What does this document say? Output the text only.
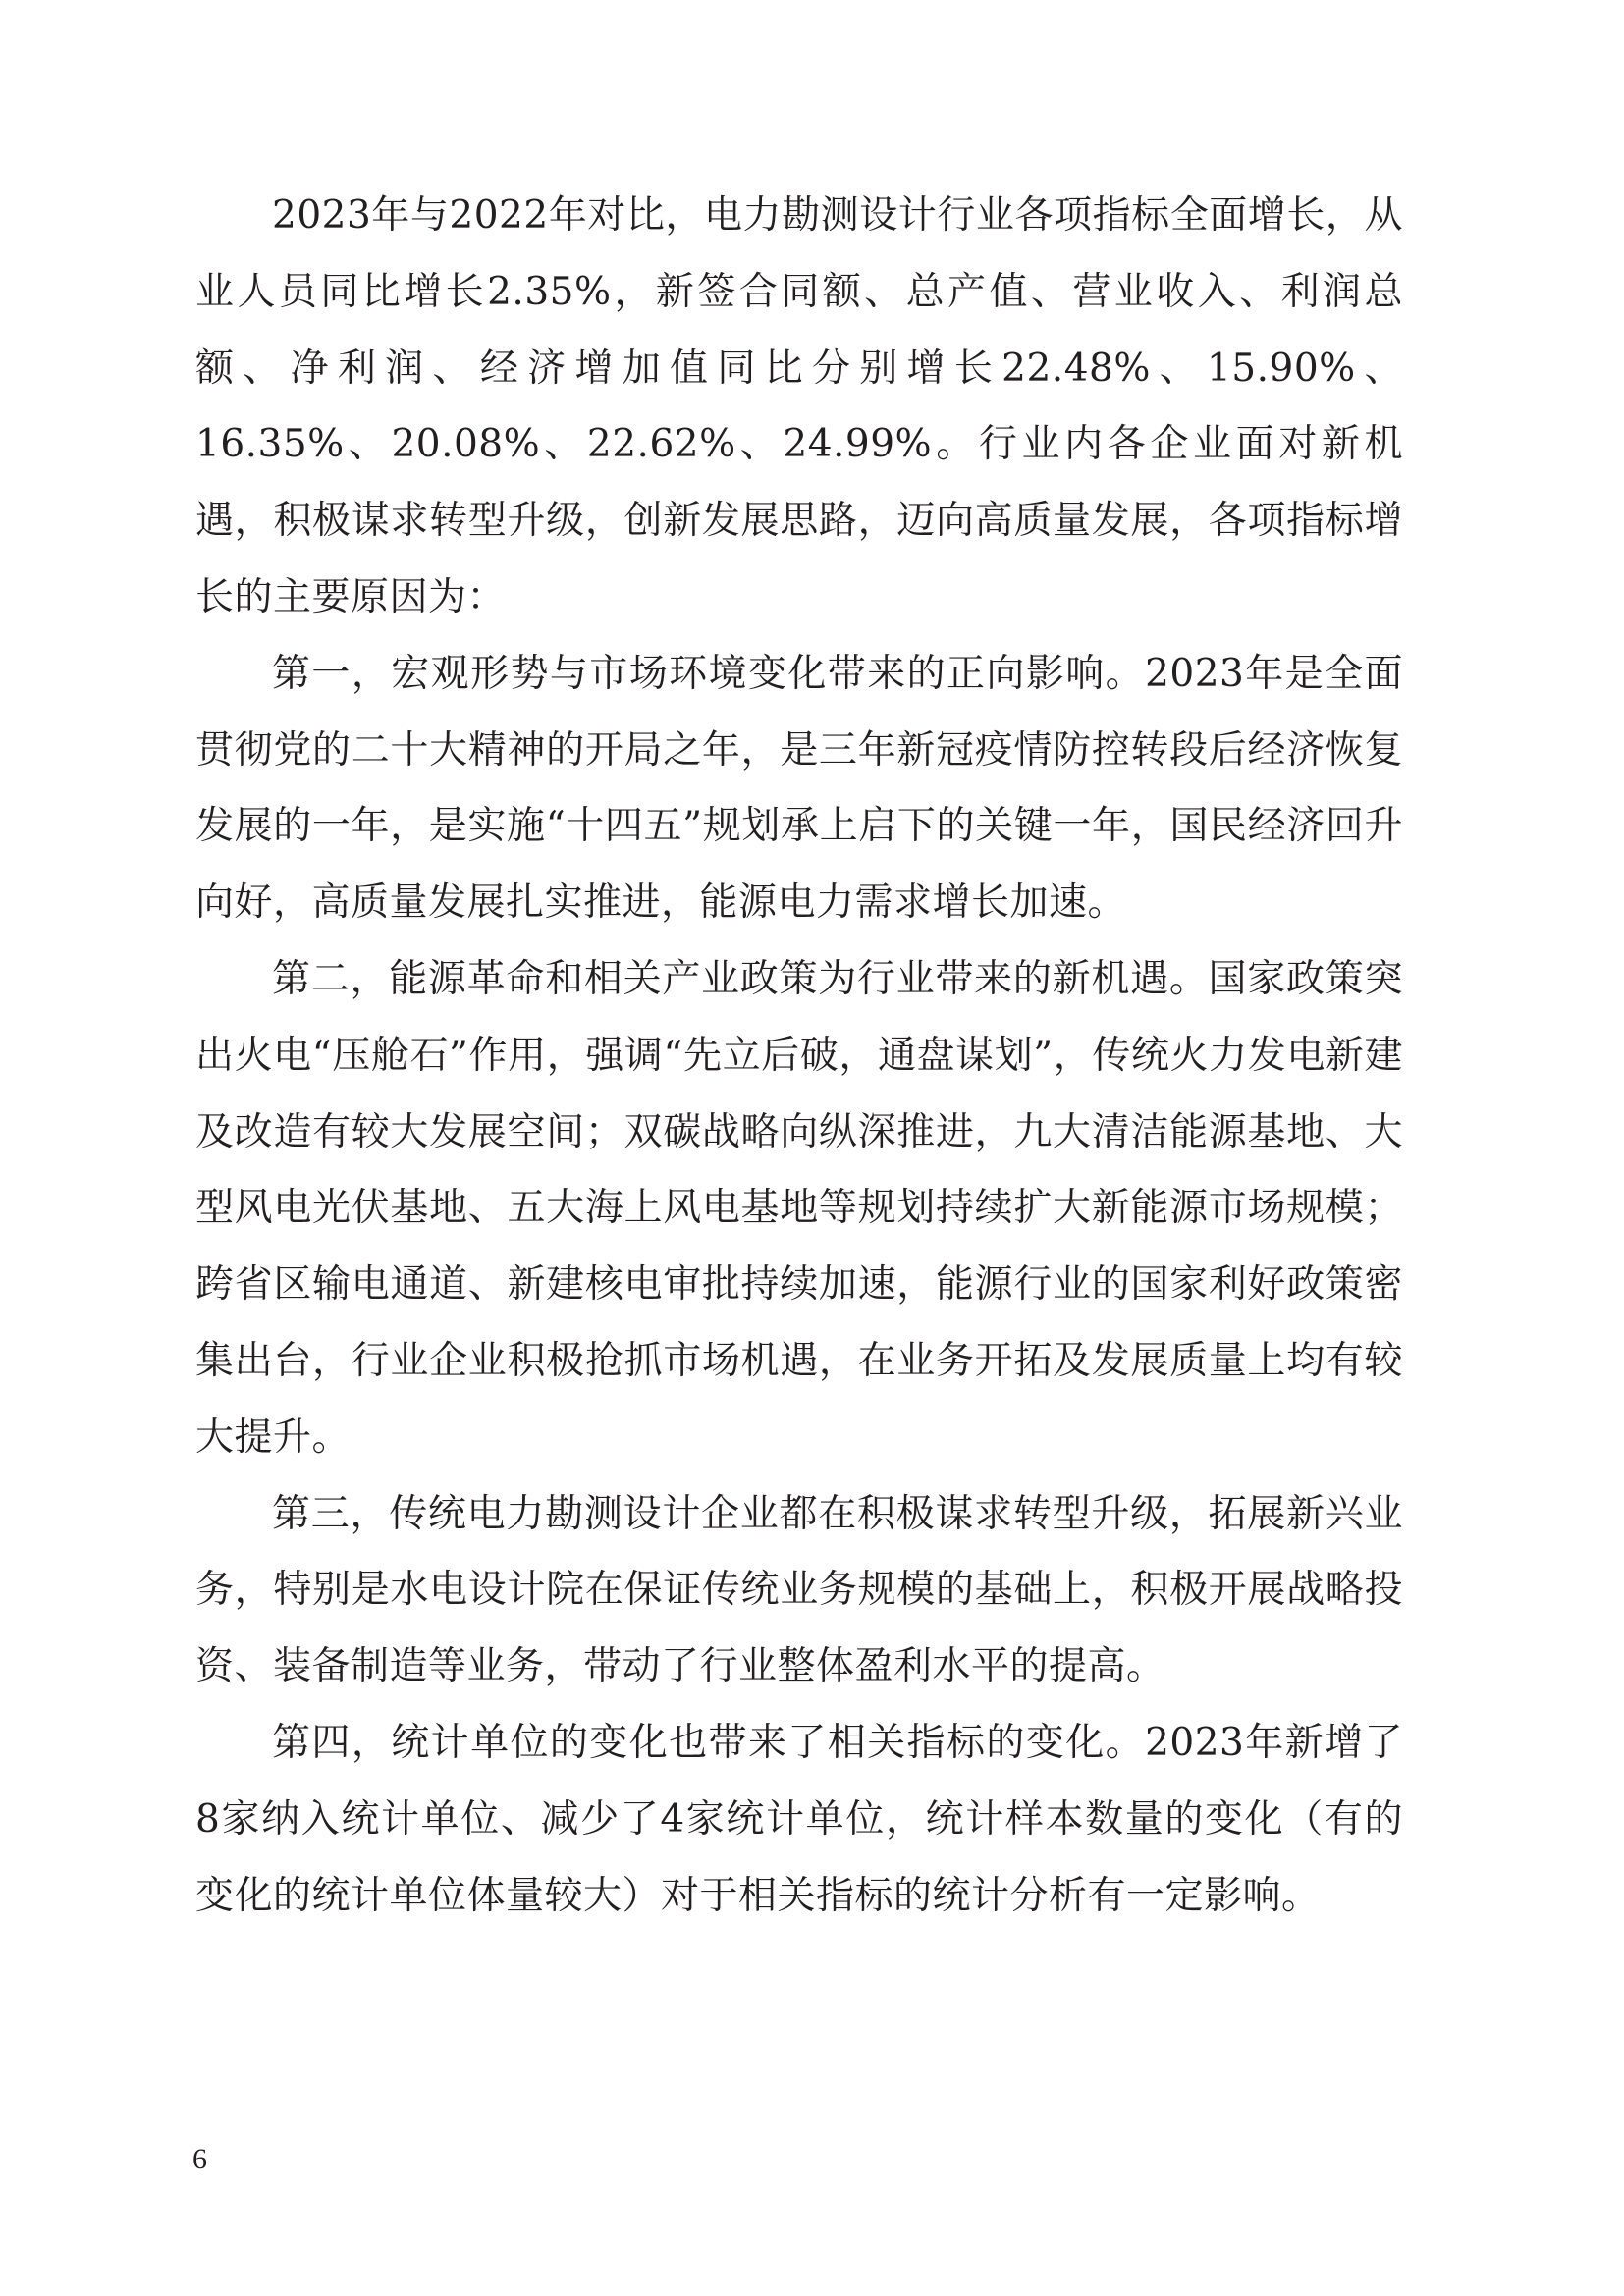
2023年与2022年对比，电力勘测设计行业各项指标全面增长，从业人员同比增长2.35%，新签合同额、总产值、营业收入、利润总额、净利润、经济增加值同比分别增长22.48%、15.90%、16.35%、20.08%、22.62%、24.99%。行业内各企业面对新机遇，积极谋求转型升级，创新发展思路，迈向高质量发展，各项指标增长的主要原因为：

第一，宏观形势与市场环境变化带来的正向影响。2023年是全面贯彻党的二十大精神的开局之年，是三年新冠疫情防控转段后经济恢复发展的一年，是实施“十四五”规划承上启下的关键一年，国民经济回升向好，高质量发展扎实推进，能源电力需求增长加速。

第二，能源革命和相关产业政策为行业带来的新机遇。国家政策突出火电“压舱石”作用，强调“先立后破，通盘谋划”，传统火力发电新建及改造有较大发展空间；双碳战略向纵深推进，九大清洁能源基地、大型风电光伏基地、五大海上风电基地等规划持续扩大新能源市场规模；跨省区输电通道、新建核电审批持续加速，能源行业的国家利好政策密集出台，行业企业积极抢抓市场机遇，在业务开拓及发展质量上均有较大提升。

第三，传统电力勘测设计企业都在积极谋求转型升级，拓展新兴业务，特别是水电设计院在保证传统业务规模的基础上，积极开展战略投资、装备制造等业务，带动了行业整体盈利水平的提高。

第四，统计单位的变化也带来了相关指标的变化。2023年新增了8家纳入统计单位、减少了4家统计单位，统计样本数量的变化（有的变化的统计单位体量较大）对于相关指标的统计分析有一定影响。

6
